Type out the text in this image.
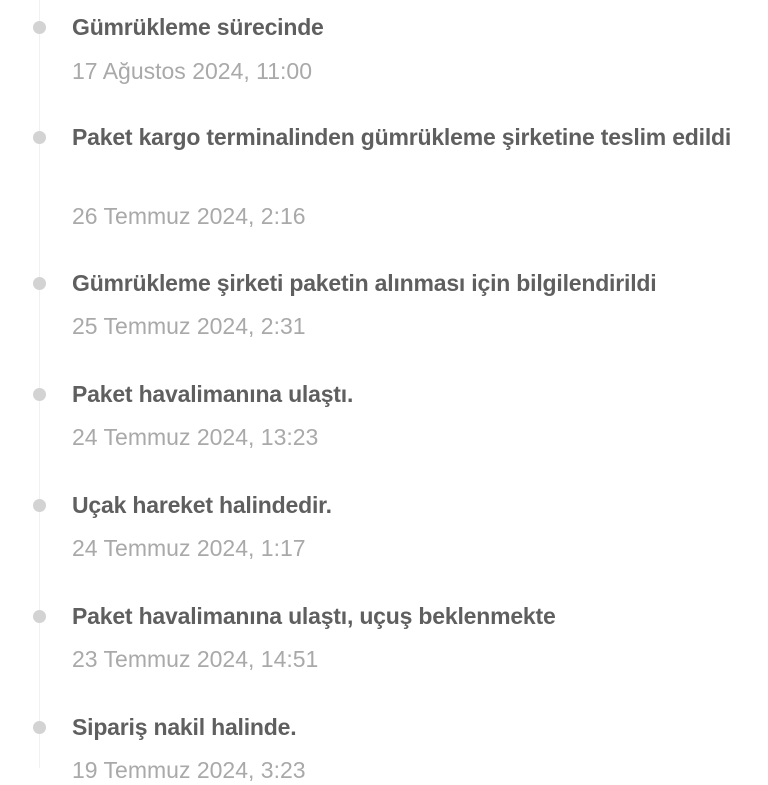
Gümrükleme sürecinde
17 Ağustos 2024, 11:00
Paket kargo terminalinden gümrükleme şirketine teslim edildi
26 Temmuz 2024, 2:16
Gümrükleme şirketi paketin alınması için bilgilendirildi
25 Temmuz 2024, 2:31
Paket havalimanına ulaştı.
24 Temmuz 2024, 13:23
Uçak hareket halindedir.
24 Temmuz 2024, 1:17
Paket havalimanına ulaştı, uçuş beklenmekte
23 Temmuz 2024, 14:51
Sipariş nakil halinde.
19 Temmuz 2024, 3:23
